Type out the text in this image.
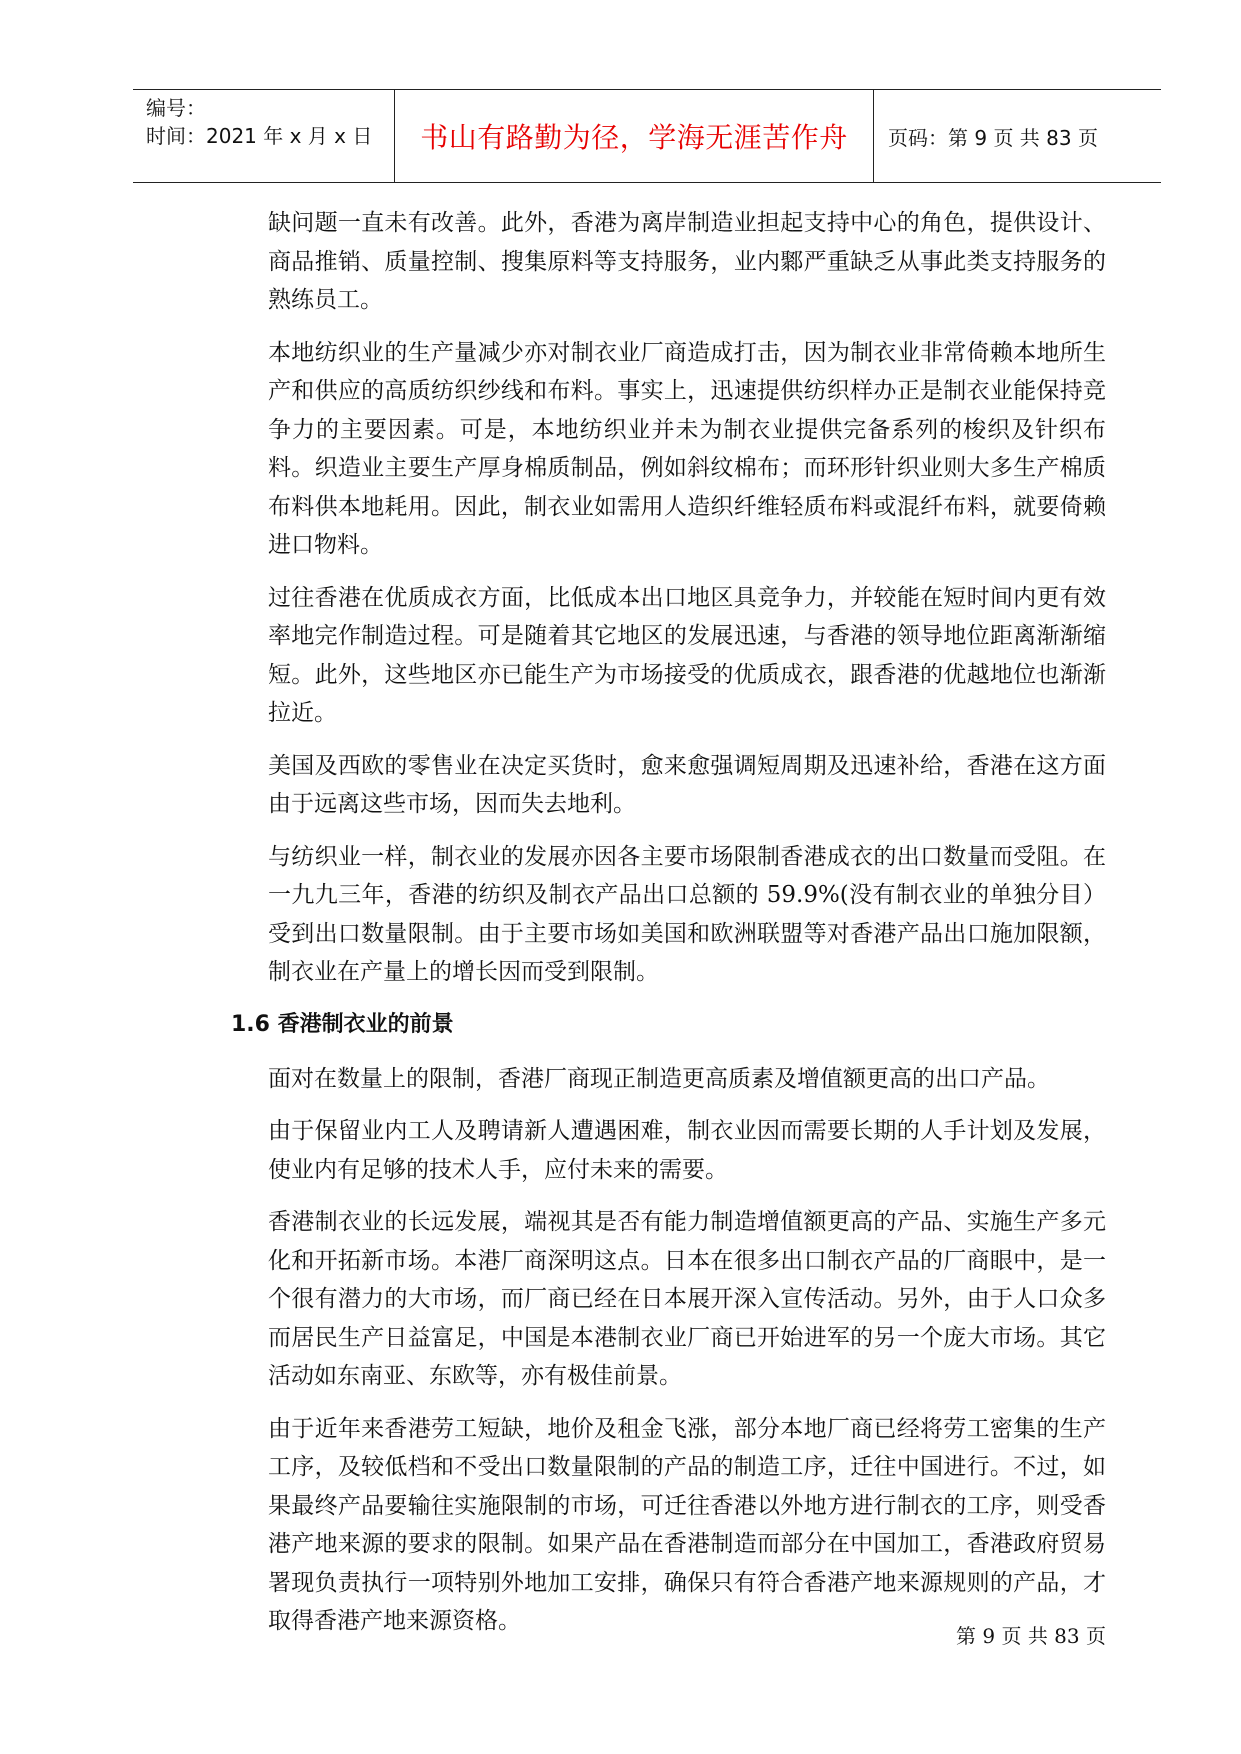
编号：
时间：2021 年 x 月 x 日	书山有路勤为径，学海无涯苦作舟 页码：第 9 页 共 83 页

缺问题一直未有改善。此外，香港为离岸制造业担起支持中心的角色，提供设计、商品推销、质量控制、搜集原料等支持服务，业内鄹严重缺乏从事此类支持服务的熟练员工。

本地纺织业的生产量减少亦对制衣业厂商造成打击，因为制衣业非常倚赖本地所生产和供应的高质纺织纱线和布料。事实上，迅速提供纺织样办正是制衣业能保持竞争力的主要因素。可是，本地纺织业并未为制衣业提供完备系列的梭织及针织布料。织造业主要生产厚身棉质制品，例如斜纹棉布；而环形针织业则大多生产棉质布料供本地耗用。因此，制衣业如需用人造织纤维轻质布料或混纤布料，就要倚赖进口物料。

过往香港在优质成衣方面，比低成本出口地区具竞争力，并较能在短时间内更有效率地完作制造过程。可是随着其它地区的发展迅速，与香港的领导地位距离渐渐缩短。此外，这些地区亦已能生产为市场接受的优质成衣，跟香港的优越地位也渐渐拉近。

美国及西欧的零售业在决定买货时，愈来愈强调短周期及迅速补给，香港在这方面由于远离这些市场，因而失去地利。

与纺织业一样，制衣业的发展亦因各主要市场限制香港成衣的出口数量而受阻。在一九九三年，香港的纺织及制衣产品出口总额的 59.9%(没有制衣业的单独分目）受到出口数量限制。由于主要市场如美国和欧洲联盟等对香港产品出口施加限额，制衣业在产量上的增长因而受到限制。

1.6 香港制衣业的前景

面对在数量上的限制，香港厂商现正制造更高质素及增值额更高的出口产品。

由于保留业内工人及聘请新人遭遇困难，制衣业因而需要长期的人手计划及发展，使业内有足够的技术人手，应付未来的需要。

香港制衣业的长远发展，端视其是否有能力制造增值额更高的产品、实施生产多元化和开拓新市场。本港厂商深明这点。日本在很多出口制衣产品的厂商眼中，是一个很有潜力的大市场，而厂商已经在日本展开深入宣传活动。另外，由于人口众多而居民生产日益富足，中国是本港制衣业厂商已开始进军的另一个庞大市场。其它活动如东南亚、东欧等，亦有极佳前景。

由于近年来香港劳工短缺，地价及租金飞涨，部分本地厂商已经将劳工密集的生产工序，及较低档和不受出口数量限制的产品的制造工序，迁往中国进行。不过，如果最终产品要输往实施限制的市场，可迁往香港以外地方进行制衣的工序，则受香港产地来源的要求的限制。如果产品在香港制造而部分在中国加工，香港政府贸易署现负责执行一项特别外地加工安排，确保只有符合香港产地来源规则的产品，才取得香港产地来源资格。

第 9 页 共 83 页
